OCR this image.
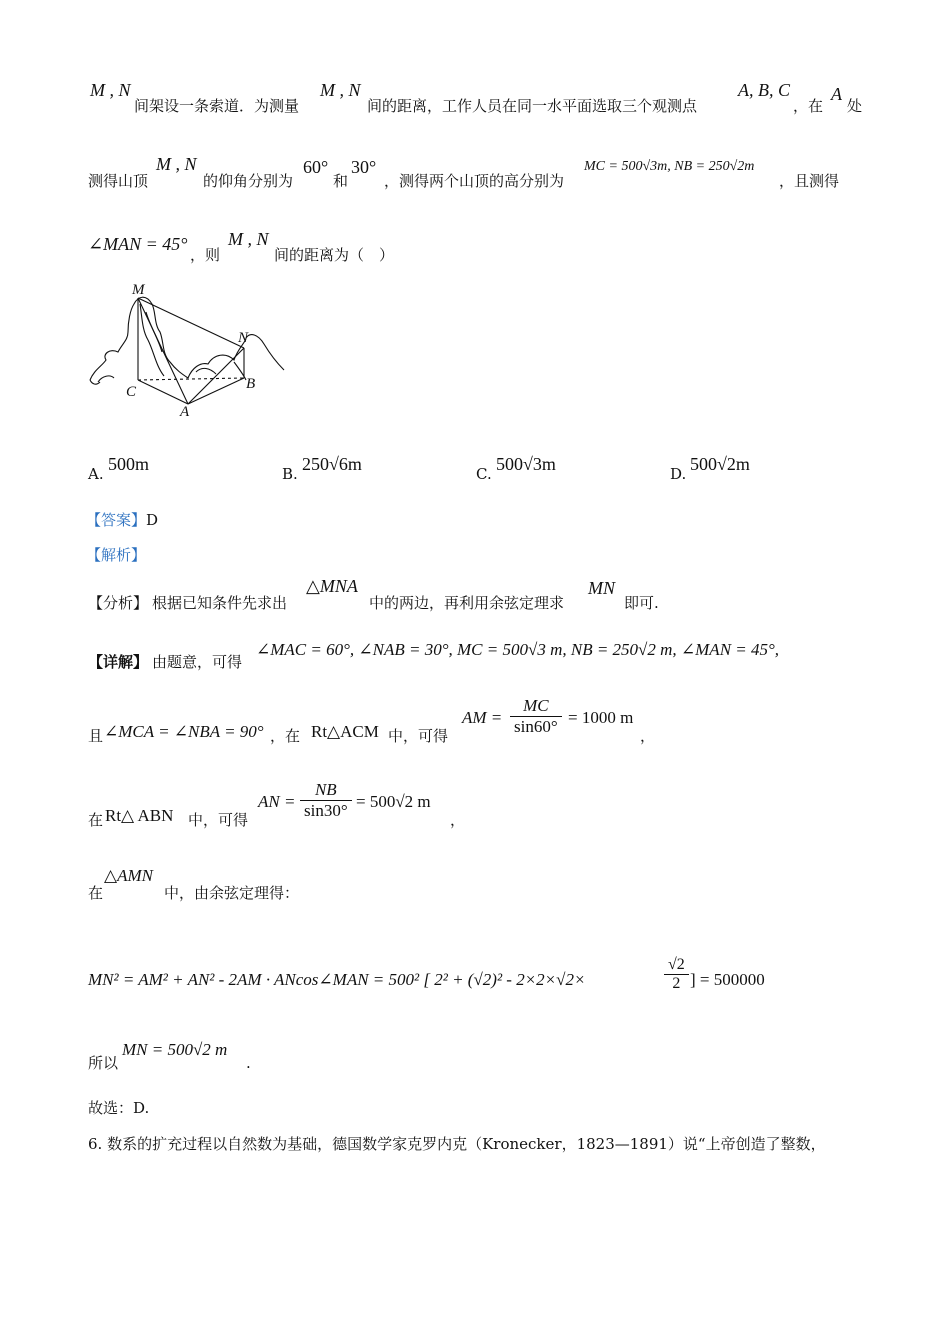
M , N
间架设一条索道．为测量
M , N
间的距离，工作人员在同一水平面选取三个观测点
A, B, C
，在
A
处
测得山顶
M , N
的仰角分别为
60°
和
30°
，测得两个山顶的高分别为
MC = 500√3m, NB = 250√2m
，且测得
∠MAN = 45°
，则
M , N
间的距离为（　）
M
N
C	B
A
A. 500m	B. 250√6m	C. 500√3m	D. 500√2m
【答案】D
【解析】
【分析】 根据已知条件先求出
△MNA
中的两边，再利用余弦定理求
MN
即可.
【详解】 由题意，可得
∠MAC = 60°, ∠NAB = 30°, MC = 500√3 m, NB = 250√2 m, ∠MAN = 45°,
且 ∠MCA = ∠NBA = 90° ，在 Rt△ACM 中，可得
AM = $\frac{MC}{\sin 60^\circ} = 1000$ m
，
在 Rt△ ABN 中，可得
AN = $\frac{NB}{\sin 30^\circ} = 500√2$ m
，
在
△AMN
中，由余弦定理得：
MN² = AM² + AN² - 2AM · ANcos∠MAN = 500² [ 2² + (√2)² - 2×2×√2×	$\frac{√2}{2}$ ] = 500000
所以
MN = 500√2 m
.
故选：D.
6. 数系的扩充过程以自然数为基础，德国数学家克罗内克（Kronecker，1823—1891）说“上帝创造了整数，
